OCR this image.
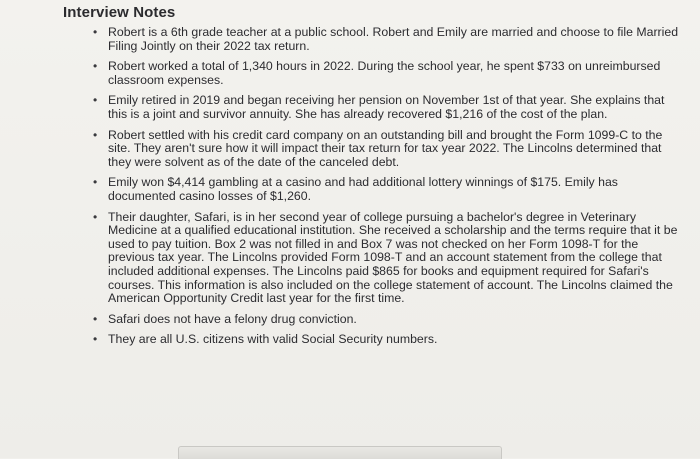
Interview Notes
• Robert is a 6th grade teacher at a public school. Robert and Emily are married and choose to file Married Filing Jointly on their 2022 tax return.
• Robert worked a total of 1,340 hours in 2022. During the school year, he spent $733 on unreimbursed classroom expenses.
• Emily retired in 2019 and began receiving her pension on November 1st of that year. She explains that this is a joint and survivor annuity. She has already recovered $1,216 of the cost of the plan.
• Robert settled with his credit card company on an outstanding bill and brought the Form 1099-C to the site. They aren't sure how it will impact their tax return for tax year 2022. The Lincolns determined that they were solvent as of the date of the canceled debt.
• Emily won $4,414 gambling at a casino and had additional lottery winnings of $175. Emily has documented casino losses of $1,260.
• Their daughter, Safari, is in her second year of college pursuing a bachelor's degree in Veterinary Medicine at a qualified educational institution. She received a scholarship and the terms require that it be used to pay tuition. Box 2 was not filled in and Box 7 was not checked on her Form 1098-T for the previous tax year. The Lincolns provided Form 1098-T and an account statement from the college that included additional expenses. The Lincolns paid $865 for books and equipment required for Safari's courses. This information is also included on the college statement of account. The Lincolns claimed the American Opportunity Credit last year for the first time.
• Safari does not have a felony drug conviction.
• They are all U.S. citizens with valid Social Security numbers.
